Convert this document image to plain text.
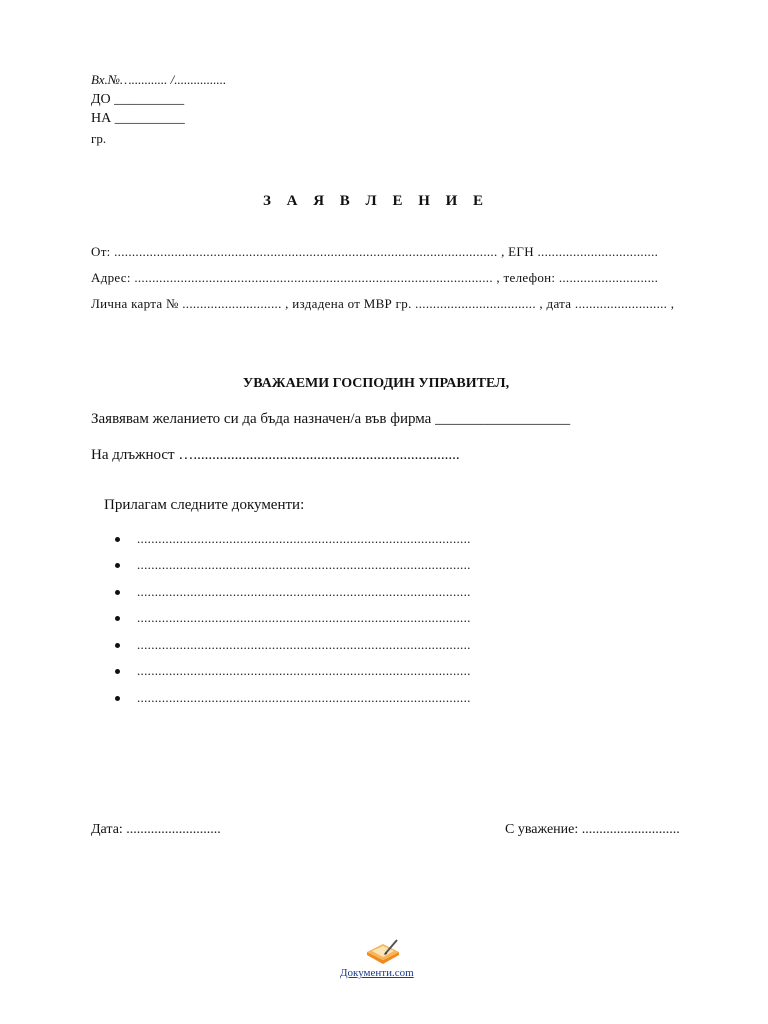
Вх.№…........... /................
ДО __________
НА __________
гр.
З А Я В Л Е Н И Е
От: ............................................................................................................ , ЕГН ..................................
Адрес: ..................................................................................................... , телефон: ............................
Лична карта № ............................ , издадена от МВР гр. .................................. , дата .......................... ,
УВАЖАЕМИ ГОСПОДИН УПРАВИТЕЛ,
Заявявам желанието си да бъда назначен/а във фирма __________________
На длъжност ….......................................................................
Прилагам следните документи:
..............................................................................................
..............................................................................................
..............................................................................................
..............................................................................................
..............................................................................................
..............................................................................................
..............................................................................................
Дата: ...........................	С уважение: ............................
Документи.com
